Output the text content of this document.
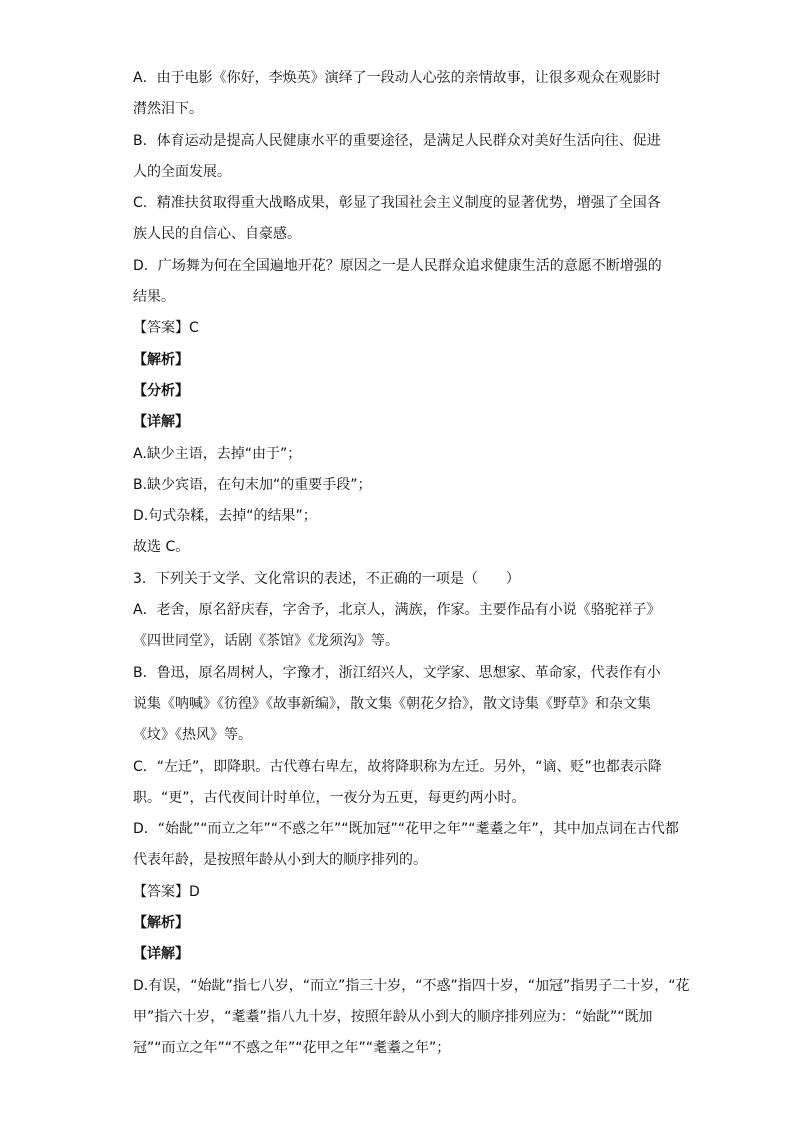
A．由于电影《你好，李焕英》演绎了一段动人心弦的亲情故事，让很多观众在观影时
潸然泪下。
B．体育运动是提高人民健康水平的重要途径，是满足人民群众对美好生活向往、促进
人的全面发展。
C．精准扶贫取得重大战略成果，彰显了我国社会主义制度的显著优势，增强了全国各
族人民的自信心、自豪感。
D．广场舞为何在全国遍地开花？原因之一是人民群众追求健康生活的意愿不断增强的
结果。
【答案】C
【解析】
【分析】
【详解】
A.缺少主语，去掉“由于”；
B.缺少宾语，在句末加“的重要手段”；
D.句式杂糅，去掉“的结果”；
故选 C。
3．下列关于文学、文化常识的表述，不正确的一项是（　　）
A．老舍，原名舒庆春，字舍予，北京人，满族，作家。主要作品有小说《骆驼祥子》
《四世同堂》，话剧《茶馆》《龙须沟》等。
B．鲁迅，原名周树人，字豫才，浙江绍兴人，文学家、思想家、革命家，代表作有小
说集《呐喊》《彷徨》《故事新编》，散文集《朝花夕拾》，散文诗集《野草》和杂文集
《坟》《热风》等。
C．“左迁”，即降职。古代尊右卑左，故将降职称为左迁。另外，“谪、贬”也都表示降
职。“更”，古代夜间计时单位，一夜分为五更，每更约两小时。
D．“始龀”“而立之年”“不惑之年”“既加冠”“花甲之年”“耄耋之年”，其中加点词在古代都
代表年龄，是按照年龄从小到大的顺序排列的。
【答案】D
【解析】
【详解】
D.有误，“始龀”指七八岁，“而立”指三十岁，“不惑”指四十岁，“加冠”指男子二十岁，“花
甲”指六十岁，“耄耋”指八九十岁，按照年龄从小到大的顺序排列应为：“始龀”“既加
冠”“而立之年”“不惑之年”“花甲之年”“耄耋之年”；
